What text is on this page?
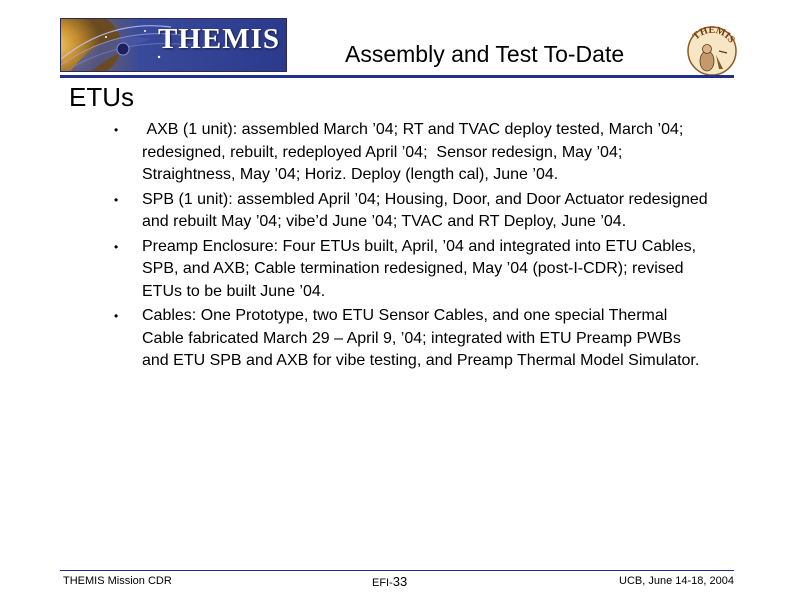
THEMIS	Assembly and Test To-Date
THEMIS
ETUs
• AXB (1 unit): assembled March ’04; RT and TVAC deploy tested, March ’04; redesigned, rebuilt, redeployed April ’04;  Sensor redesign, May ’04; Straightness, May ’04; Horiz. Deploy (length cal), June ’04.
• SPB (1 unit): assembled April ’04; Housing, Door, and Door Actuator redesigned and rebuilt May ’04; vibe’d June ’04; TVAC and RT Deploy, June ’04.
• Preamp Enclosure: Four ETUs built, April, ’04 and integrated into ETU Cables, SPB, and AXB; Cable termination redesigned, May ’04 (post-I-CDR); revised ETUs to be built June ’04.
• Cables: One Prototype, two ETU Sensor Cables, and one special Thermal Cable fabricated March 29 – April 9, ’04; integrated with ETU Preamp PWBs and ETU SPB and AXB for vibe testing, and Preamp Thermal Model Simulator.
THEMIS Mission CDR	EFI-33	UCB, June 14-18, 2004
